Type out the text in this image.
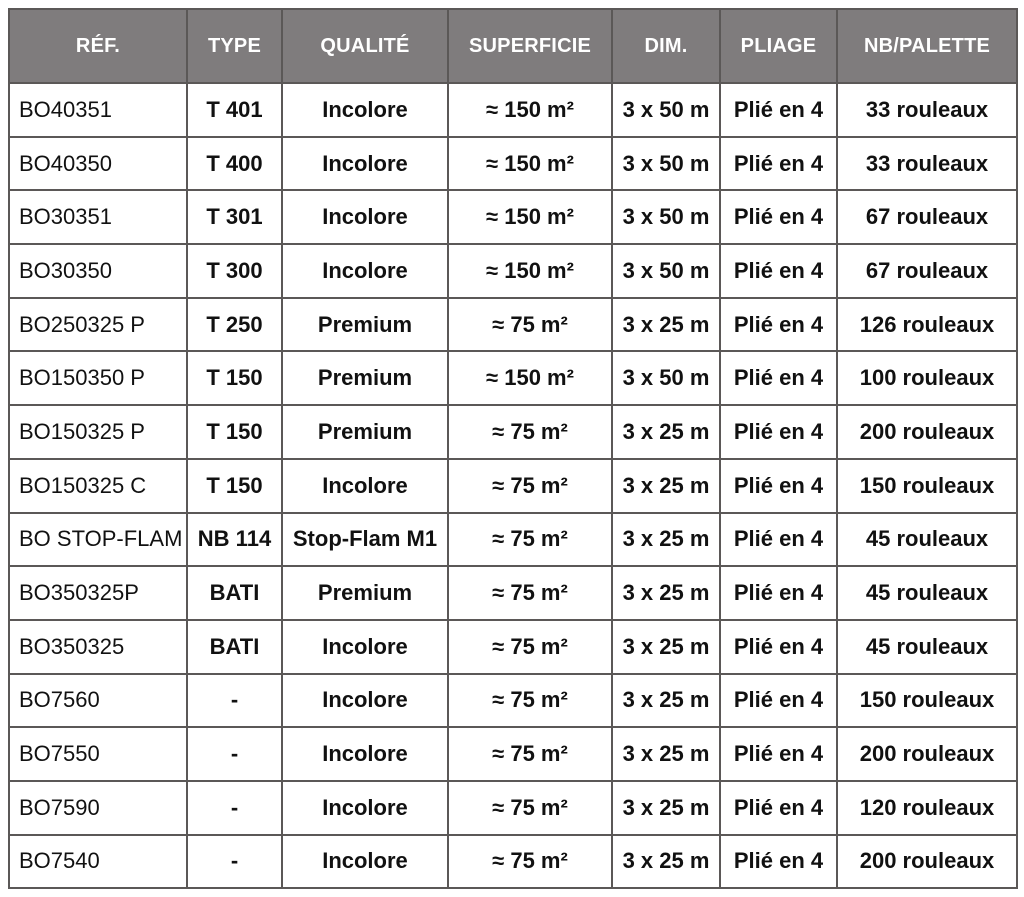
RÉF.	TYPE	QUALITÉ	SUPERFICIE	DIM.	PLIAGE	NB/PALETTE
BO40351	T 401	Incolore	≈ 150 m²	3 x 50 m	Plié en 4	33 rouleaux
BO40350	T 400	Incolore	≈ 150 m²	3 x 50 m	Plié en 4	33 rouleaux
BO30351	T 301	Incolore	≈ 150 m²	3 x 50 m	Plié en 4	67 rouleaux
BO30350	T 300	Incolore	≈ 150 m²	3 x 50 m	Plié en 4	67 rouleaux
BO250325 P	T 250	Premium	≈ 75 m²	3 x 25 m	Plié en 4	126 rouleaux
BO150350 P	T 150	Premium	≈ 150 m²	3 x 50 m	Plié en 4	100 rouleaux
BO150325 P	T 150	Premium	≈ 75 m²	3 x 25 m	Plié en 4	200 rouleaux
BO150325 C	T 150	Incolore	≈ 75 m²	3 x 25 m	Plié en 4	150 rouleaux
BO STOP-FLAM	NB 114	Stop-Flam M1	≈ 75 m²	3 x 25 m	Plié en 4	45 rouleaux
BO350325P	BATI	Premium	≈ 75 m²	3 x 25 m	Plié en 4	45 rouleaux
BO350325	BATI	Incolore	≈ 75 m²	3 x 25 m	Plié en 4	45 rouleaux
BO7560	-	Incolore	≈ 75 m²	3 x 25 m	Plié en 4	150 rouleaux
BO7550	-	Incolore	≈ 75 m²	3 x 25 m	Plié en 4	200 rouleaux
BO7590	-	Incolore	≈ 75 m²	3 x 25 m	Plié en 4	120 rouleaux
BO7540	-	Incolore	≈ 75 m²	3 x 25 m	Plié en 4	200 rouleaux
